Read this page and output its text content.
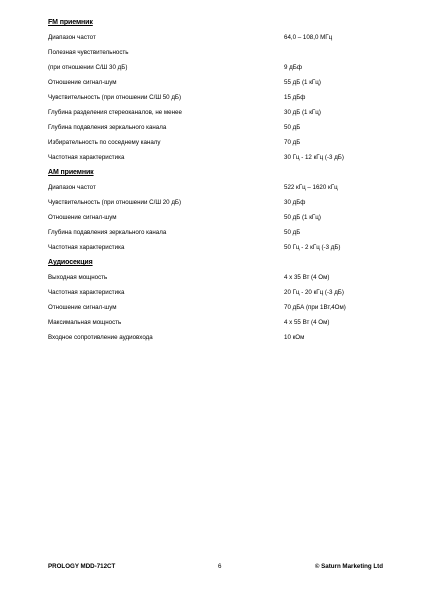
FM приемник
Диапазон частот	64,0 – 108,0 МГц
Полезная чувствительность
(при отношении С/Ш 30 дБ)	9 дБф
Отношение сигнал-шум	55 дБ (1 кГц)
Чувствительность (при отношении С/Ш 50 дБ)	15 дБф
Глубина разделения стереоканалов, не менее	30 дБ (1 кГц)
Глубина подавления зеркального канала	50 дБ
Избирательность по соседнему каналу	70 дБ
Частотная характеристика	30 Гц - 12 кГц (-3 дБ)
АМ приемник
Диапазон частот	522 кГц – 1620 кГц
Чувствительность (при отношении С/Ш 20 дБ)	30 дБф
Отношение сигнал-шум	50 дБ (1 кГц)
Глубина подавления зеркального канала	50 дБ
Частотная характеристика	50 Гц - 2 кГц (-3 дБ)
Аудиосекция
Выходная мощность	4 х 35 Вт (4 Ом)
Частотная характеристика	20 Гц - 20 кГц (-3 дБ)
Отношение сигнал-шум	70 дБА (при 1Вт,4Ом)
Максимальная мощность	4 х 55 Вт (4 Ом)
Входное сопротивление аудиовхода	10 кОм
PROLOGY MDD-712CT	6	© Saturn Marketing Ltd
